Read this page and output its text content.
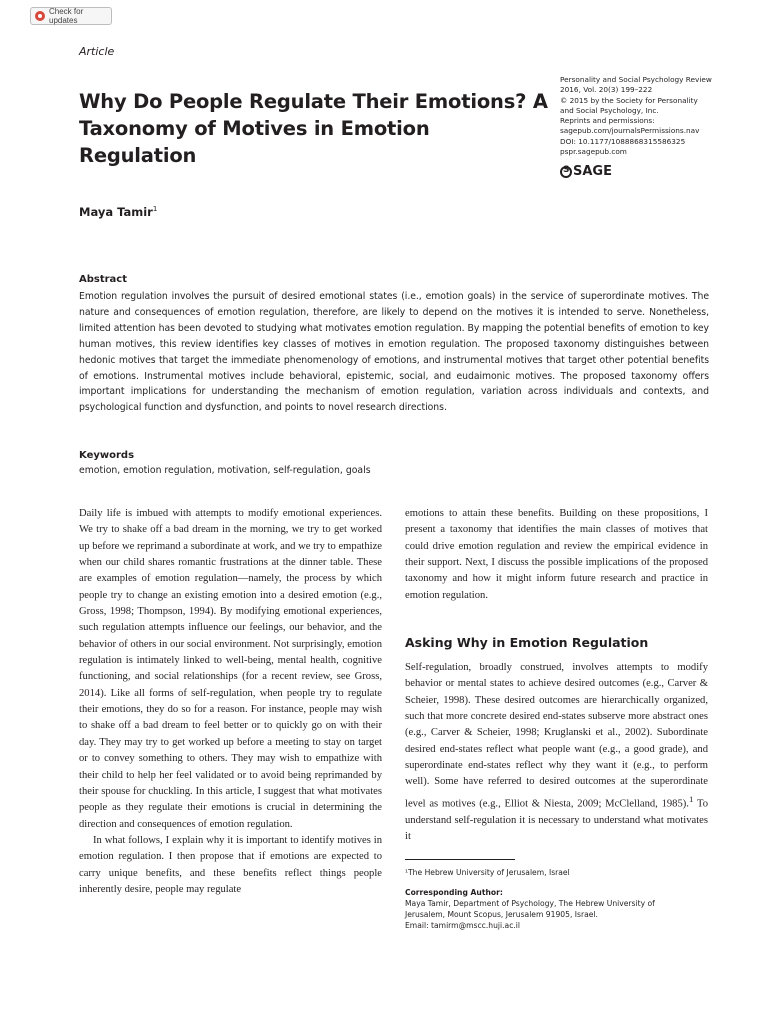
Check for updates
Article
Why Do People Regulate Their Emotions? A Taxonomy of Motives in Emotion Regulation
Personality and Social Psychology Review
2016, Vol. 20(3) 199–222
© 2015 by the Society for Personality
and Social Psychology, Inc.
Reprints and permissions:
sagepub.com/journalsPermissions.nav
DOI: 10.1177/1088868315586325
pspr.sagepub.com
S
SAGE
Maya Tamir$^1$
Abstract

Emotion regulation involves the pursuit of desired emotional states (i.e., emotion goals) in the service of superordinate motives. The nature and consequences of emotion regulation, therefore, are likely to depend on the motives it is intended to serve. Nonetheless, limited attention has been devoted to studying what motivates emotion regulation. By mapping the potential benefits of emotion to key human motives, this review identifies key classes of motives in emotion regulation. The proposed taxonomy distinguishes between hedonic motives that target the immediate phenomenology of emotions, and instrumental motives that target other potential benefits of emotions. Instrumental motives include behavioral, epistemic, social, and eudaimonic motives. The proposed taxonomy offers important implications for understanding the mechanism of emotion regulation, variation across individuals and contexts, and psychological function and dysfunction, and points to novel research directions.

Keywords

emotion, emotion regulation, motivation, self-regulation, goals

Daily life is imbued with attempts to modify emotional experiences. We try to shake off a bad dream in the morning, we try to get worked up before we reprimand a subordinate at work, and we try to empathize when our child shares romantic frustrations at the dinner table. These are examples of emotion regulation—namely, the process by which people try to change an existing emotion into a desired emotion (e.g., Gross, 1998; Thompson, 1994). By modifying emotional experiences, such regulation attempts influence our feelings, our behavior, and the behavior of others in our social environment. Not surprisingly, emotion regulation is intimately linked to well-being, mental health, cognitive functioning, and social relationships (for a recent review, see Gross, 2014). Like all forms of self-regulation, when people try to regulate their emotions, they do so for a reason. For instance, people may wish to shake off a bad dream to feel better or to quickly go on with their day. They may try to get worked up before a meeting to stay on target or to convey something to others. They may wish to empathize with their child to help her feel validated or to avoid being reprimanded by their spouse for chuckling. In this article, I suggest that what motivates people as they regulate their emotions is crucial in determining the direction and consequences of emotion regulation.

In what follows, I explain why it is important to identify motives in emotion regulation. I then propose that if emotions are expected to carry unique benefits, and these benefits reflect things people inherently desire, people may regulate

emotions to attain these benefits. Building on these propositions, I present a taxonomy that identifies the main classes of motives that could drive emotion regulation and review the empirical evidence in their support. Next, I discuss the possible implications of the proposed taxonomy and how it might inform future research and practice in emotion regulation.

Asking Why in Emotion Regulation

Self-regulation, broadly construed, involves attempts to modify behavior or mental states to achieve desired outcomes (e.g., Carver & Scheier, 1998). These desired outcomes are hierarchically organized, such that more concrete desired end-states subserve more abstract ones (e.g., Carver & Scheier, 1998; Kruglanski et al., 2002). Subordinate desired end-states reflect what people want (e.g., a good grade), and superordinate end-states reflect why they want it (e.g., to perform well). Some have referred to desired outcomes at the superordinate level as motives (e.g., Elliot & Niesta, 2009; McClelland, 1985).$^1$ To understand self-regulation it is necessary to understand what motivates it

¹The Hebrew University of Jerusalem, Israel
Corresponding Author:
Maya Tamir, Department of Psychology, The Hebrew University of
Jerusalem, Mount Scopus, Jerusalem 91905, Israel.
Email: tamirm@mscc.huji.ac.il
